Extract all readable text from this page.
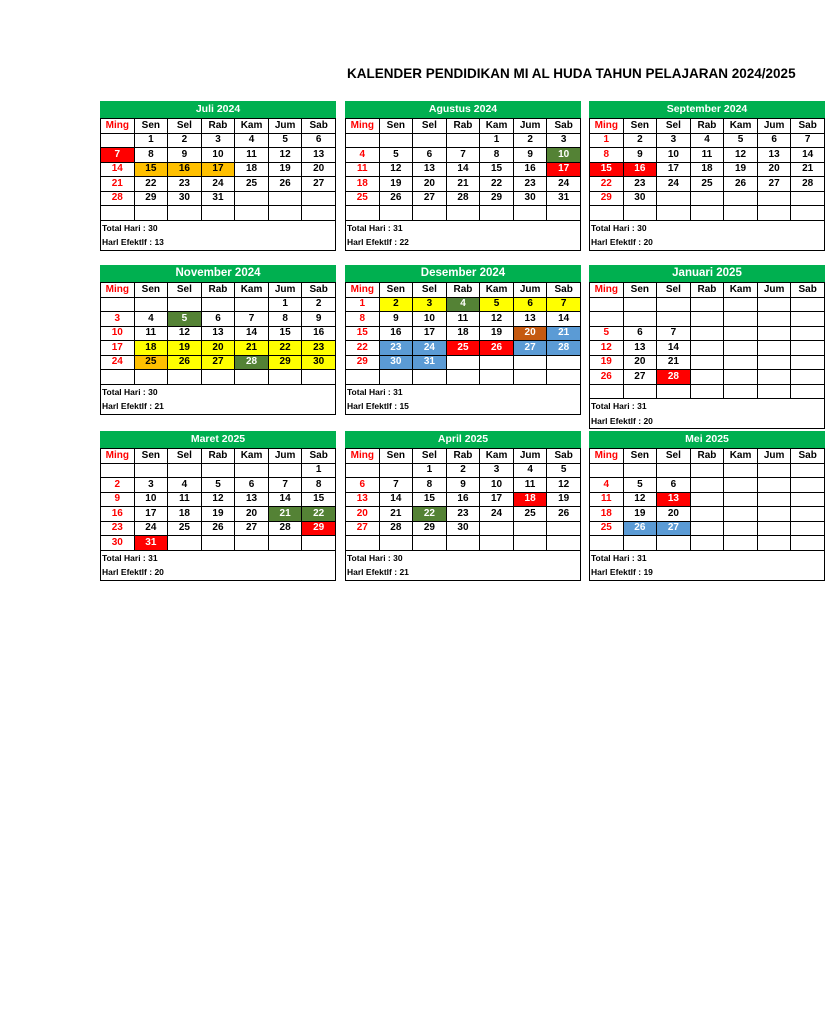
KALENDER PENDIDIKAN MI AL HUDA TAHUN PELAJARAN 2024/2025
Juli 2024
Ming	Sen	Sel	Rab	Kam	Jum	Sab
	1	2	3	4	5	6
7	8	9	10	11	12	13
14	15	16	17	18	19	20
21	22	23	24	25	26	27
28	29	30	31			

Total Hari : 30
Harl Efektlf : 13
Agustus 2024
Ming	Sen	Sel	Rab	Kam	Jum	Sab
				1	2	3
4	5	6	7	8	9	10
11	12	13	14	15	16	17
18	19	20	21	22	23	24
25	26	27	28	29	30	31

Total Hari : 31
Harl Efektlf : 22
September 2024
Ming	Sen	Sel	Rab	Kam	Jum	Sab
1	2	3	4	5	6	7
8	9	10	11	12	13	14
15	16	17	18	19	20	21
22	23	24	25	26	27	28
29	30					

Total Hari : 30
Harl Efektlf : 20
November 2024
Ming	Sen	Sel	Rab	Kam	Jum	Sab
					1	2
3	4	5	6	7	8	9
10	11	12	13	14	15	16
17	18	19	20	21	22	23
24	25	26	27	28	29	30

Total Hari : 30
Harl Efektlf : 21
Desember 2024
Ming	Sen	Sel	Rab	Kam	Jum	Sab
1	2	3	4	5	6	7
8	9	10	11	12	13	14
15	16	17	18	19	20	21
22	23	24	25	26	27	28
29	30	31				

Total Hari : 31
Harl Efektlf : 15
Januari 2025
Ming	Sen	Sel	Rab	Kam	Jum	Sab

5	6	7				
12	13	14				
19	20	21				
26	27	28				

Total Hari : 31
Harl Efektlf : 20
Maret 2025
Ming	Sen	Sel	Rab	Kam	Jum	Sab
						1
2	3	4	5	6	7	8
9	10	11	12	13	14	15
16	17	18	19	20	21	22
23	24	25	26	27	28	29
30	31					
Total Hari : 31
Harl Efektlf : 20
April 2025
Ming	Sen	Sel	Rab	Kam	Jum	Sab
		1	2	3	4	5
6	7	8	9	10	11	12
13	14	15	16	17	18	19
20	21	22	23	24	25	26
27	28	29	30			

Total Hari : 30
Harl Efektlf : 21
Mei 2025
Ming	Sen	Sel	Rab	Kam	Jum	Sab

4	5	6				
11	12	13				
18	19	20				
25	26	27				

Total Hari : 31
Harl Efektlf : 19
